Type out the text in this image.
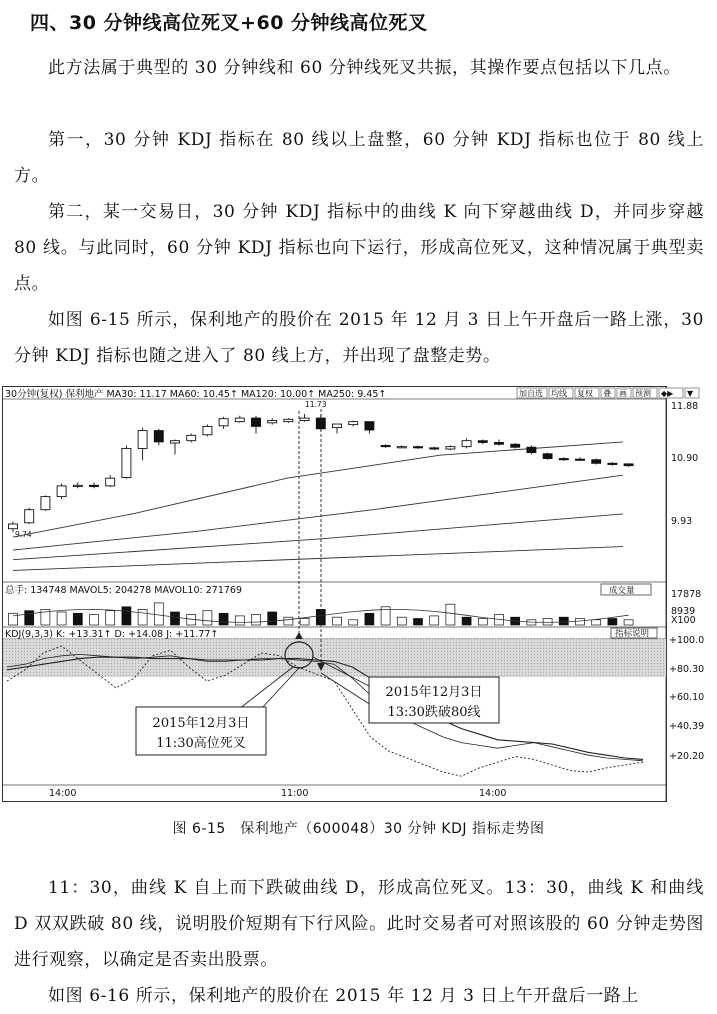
四、30 分钟线高位死叉+60 分钟线高位死叉

此方法属于典型的 30 分钟线和 60 分钟线死叉共振，其操作要点包括以下几点。

第一，30 分钟 KDJ 指标在 80 线以上盘整，60 分钟 KDJ 指标也位于 80 线上方。

第二，某一交易日，30 分钟 KDJ 指标中的曲线 K 向下穿越曲线 D，并同步穿越 80 线。与此同时，60 分钟 KDJ 指标也向下运行，形成高位死叉，这种情况属于典型卖点。

如图 6-15 所示，保利地产的股价在 2015 年 12 月 3 日上午开盘后一路上涨，30 分钟 KDJ 指标也随之进入了 80 线上方，并出现了盘整走势。

30分钟(复权) 保利地产 MA30: 11.17 MA60: 10.45↑ MA120: 10.00↑ MA250: 9.45↑	加自选 均线 复权 叠 画 预测 ◆▶ ▼
总手: 134748 MAVOL5: 204278 MAVOL10: 271769	成交量
KDJ(9,3,3) K: +13.31↑ D: +14.08 J: +11.77↑	指标说明
11.88
10.90
9.93
17878
8939
X100
+100.0
+80.30
+60.10
+40.39
+20.20
14:00	11:00	14:00
9.74
11.73
2015年12月3日
11:30高位死叉
2015年12月3日
13:30跌破80线
图 6-15　保利地产（600048）30 分钟 KDJ 指标走势图

11：30，曲线 K 自上而下跌破曲线 D，形成高位死叉。13：30，曲线 K 和曲线 D 双双跌破 80 线，说明股价短期有下行风险。此时交易者可对照该股的 60 分钟走势图进行观察，以确定是否卖出股票。

如图 6-16 所示，保利地产的股价在 2015 年 12 月 3 日上午开盘后一路上
